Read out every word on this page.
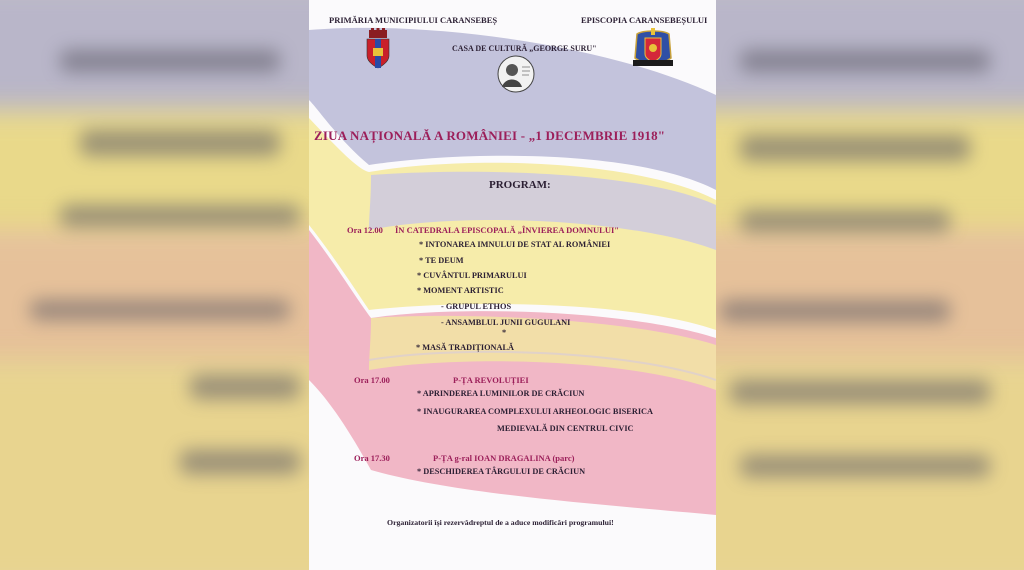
PRIMĂRIA MUNICIPIULUI CARANSEBEȘ	EPISCOPIA CARANSEBEȘULUI
CASA DE CULTURĂ „GEORGE SURU"
ZIUA NAȚIONALĂ A ROMÂNIEI - „1 DECEMBRIE 1918"
PROGRAM:
Ora 12.00 ÎN CATEDRALA EPISCOPALĂ „ÎNVIEREA DOMNULUI"
* INTONAREA IMNULUI DE STAT AL ROMÂNIEI
* TE DEUM
* CUVÂNTUL PRIMARULUI
* MOMENT ARTISTIC
- GRUPUL ETHOS
- ANSAMBLUL JUNII GUGULANI
*
* MASĂ TRADIȚIONALĂ
Ora 17.00	P-ȚA REVOLUȚIEI
* APRINDEREA LUMINILOR DE CRĂCIUN
* INAUGURAREA COMPLEXULUI ARHEOLOGIC BISERICA
MEDIEVALĂ DIN CENTRUL CIVIC
Ora 17.30	P-ȚA g-ral IOAN DRAGALINA (parc)
* DESCHIDEREA TÂRGULUI DE CRĂCIUN
Organizatorii își rezervădreptul de a aduce modificări programului!
